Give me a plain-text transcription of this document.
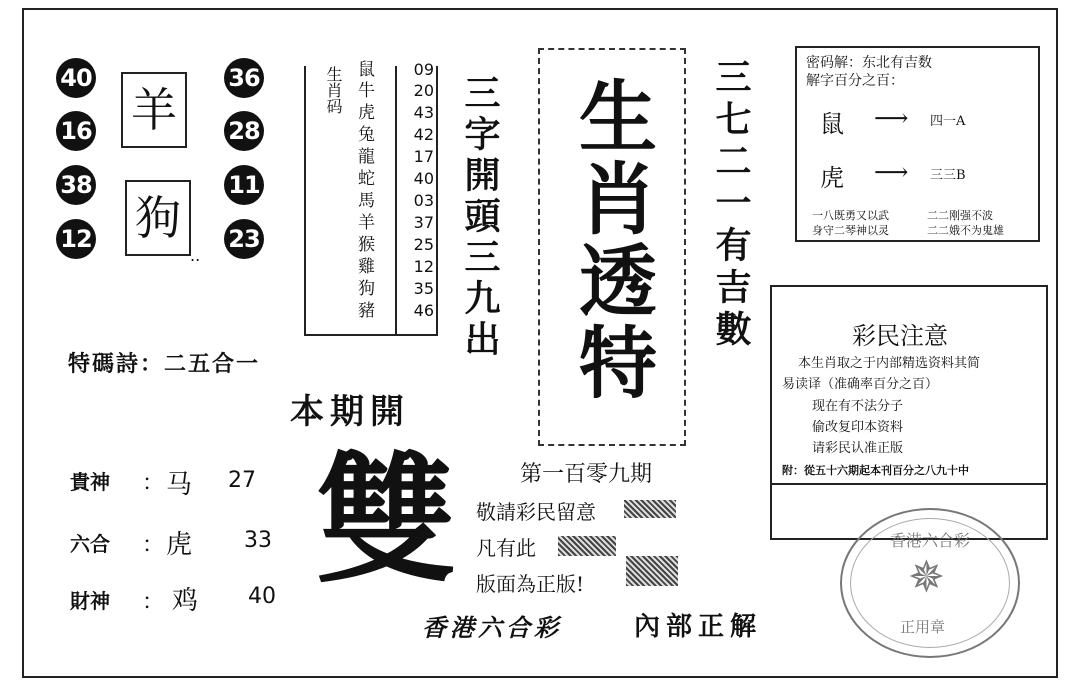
40
16
38
12
36
28
11
23
羊
狗
..
生肖码 鼠	09
牛	20
虎	43
兔	42
龍	17
蛇	40
馬	03
羊	37
猴	25
雞	12
狗	35
豬	46 三字開頭三九出	三七二一有吉數
生肖透特
密码解：东北有吉数
解字百分之百：
鼠 ⟶ 四一A
虎 ⟶ 三三B
一八既勇又以武	二二刚强不波
身守二琴神以灵	二二娥不为鬼雄
彩民注意
本生肖取之于内部精选资料其简
易读译（准确率百分之百）
现在有不法分子
偷改复印本资料
请彩民认准正版
附：從五十六期起本刊百分之八九十中
香港六合彩
✵
正用章
特碼詩：二五合一
本期開
雙
貴神 ： 马 27
六合 ： 虎 33
財神 ： 鸡 40
第一百零九期
敬請彩民留意
凡有此
版面為正版!
香港六合彩	內部正解
